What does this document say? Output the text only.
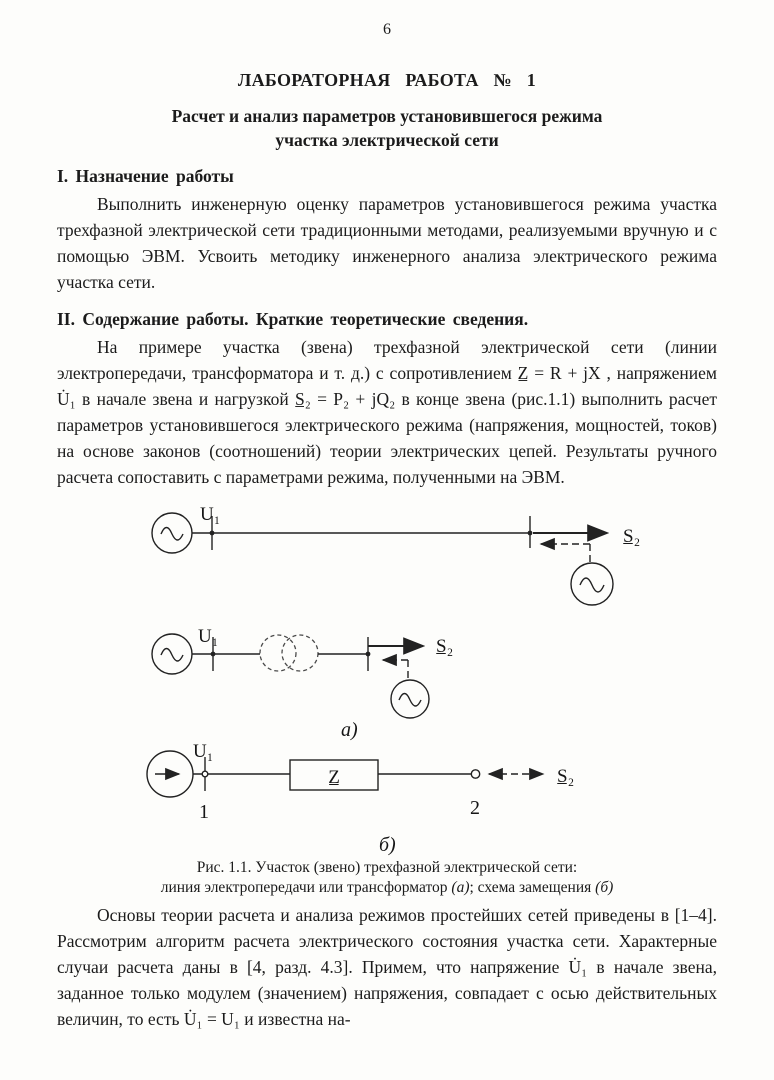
6
ЛАБОРАТОРНАЯ РАБОТА № 1
Расчет и анализ параметров установившегося режима
участка электрической сети
I. Назначение работы

Выполнить инженерную оценку параметров установившегося режима участка трехфазной электрической сети традиционными методами, реализуемыми вручную и с помощью ЭВМ. Усвоить методику инженерного анализа электрического режима участка сети.

II. Содержание работы. Краткие теоретические сведения.

На примере участка (звена) трехфазной электрической сети (линии электропередачи, трансформатора и т. д.) с сопротивлением Z̲ = R + jX , напряжением U̇₁ в начале звена и нагрузкой S̲₂ = P₂ + jQ₂ в конце звена (рис.1.1) выполнить расчет параметров установившегося электрического режима (напряжения, мощностей, токов) на основе законов (соотношений) теории электрических цепей. Результаты ручного расчета сопоставить с параметрами режима, полученными на ЭВМ.

U₁
S̲₂
U₁	S̲₂
а)
U₁
1
Z̲
2
S̲₂
б)
Рис. 1.1. Участок (звено) трехфазной электрической сети:
линия электропередачи или трансформатор (а); схема замещения (б)

Основы теории расчета и анализа режимов простейших сетей приведены в [1–4]. Рассмотрим алгоритм расчета электрического состояния участка сети. Характерные случаи расчета даны в [4, разд. 4.3]. Примем, что напряжение U̇₁ в начале звена, заданное только модулем (значением) напряжения, совпадает с осью действительных величин, то есть U̇₁ = U₁ и известна на-
